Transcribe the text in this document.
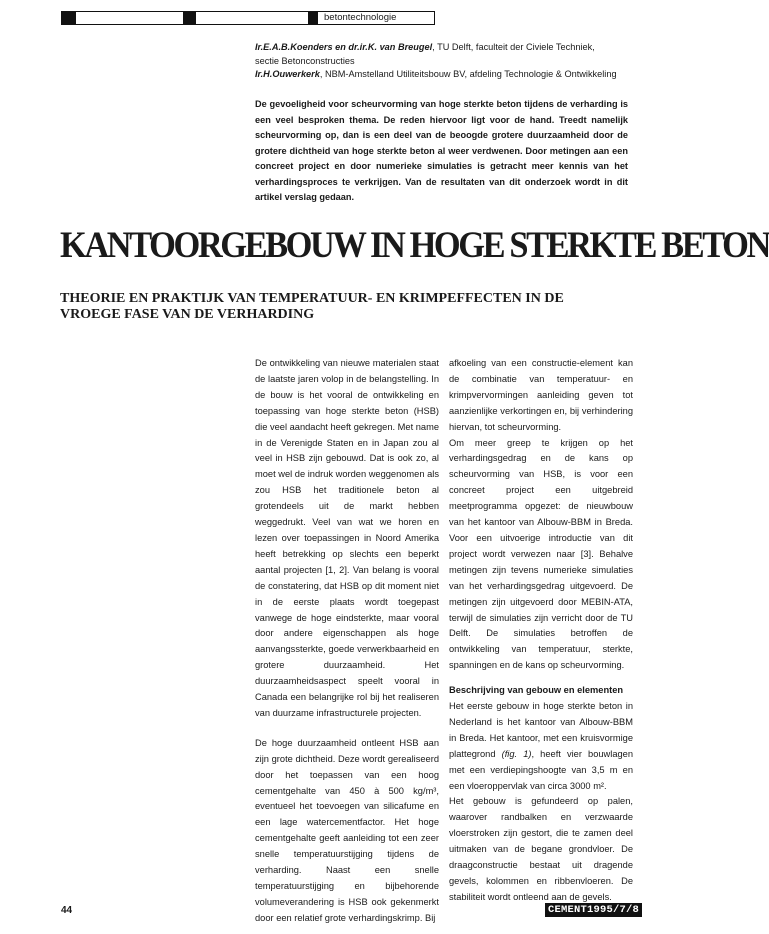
betontechnologie
Ir.E.A.B.Koenders en dr.ir.K. van Breugel, TU Delft, faculteit der Civiele Techniek,
sectie Betonconstructies
Ir.H.Ouwerkerk, NBM-Amstelland Utiliteitsbouw BV, afdeling Technologie & Ontwikkeling
De gevoeligheid voor scheurvorming van hoge sterkte beton tijdens de verharding is een veel besproken thema. De reden hiervoor ligt voor de hand. Treedt namelijk scheurvorming op, dan is een deel van de beoogde grotere duurzaamheid door de grotere dichtheid van hoge sterkte beton al weer verdwenen. Door metingen aan een concreet project en door numerieke simulaties is getracht meer kennis van het verhardingsproces te verkrijgen. Van de resultaten van dit onderzoek wordt in dit artikel verslag gedaan.
KANTOORGEBOUW IN HOGE STERKTE BETON
THEORIE EN PRAKTIJK VAN TEMPERATUUR- EN KRIMPEFFECTEN IN DE VROEGE FASE VAN DE VERHARDING

De ontwikkeling van nieuwe materialen staat de laatste jaren volop in de belangstelling. In de bouw is het vooral de ontwikkeling en toepassing van hoge sterkte beton (HSB) die veel aandacht heeft gekregen. Met name in de Verenigde Staten en in Japan zou al veel in HSB zijn gebouwd. Dat is ook zo, al moet wel de indruk worden weggenomen als zou HSB het traditionele beton al grotendeels uit de markt hebben weggedrukt. Veel van wat we horen en lezen over toepassingen in Noord Amerika heeft betrekking op slechts een beperkt aantal projecten [1, 2]. Van belang is vooral de constatering, dat HSB op dit moment niet in de eerste plaats wordt toegepast vanwege de hoge eindsterkte, maar vooral door andere eigenschappen als hoge aanvangssterkte, goede verwerkbaarheid en grotere duurzaamheid. Het duurzaamheidsaspect speelt vooral in Canada een belangrijke rol bij het realiseren van duurzame infrastructurele projecten.

De hoge duurzaamheid ontleent HSB aan zijn grote dichtheid. Deze wordt gerealiseerd door het toepassen van een hoog cementgehalte van 450 à 500 kg/m³, eventueel het toevoegen van silicafume en een lage watercementfactor. Het hoge cementgehalte geeft aanleiding tot een zeer snelle temperatuurstijging tijdens de verharding. Naast een snelle temperatuurstijging en bijbehorende volumeverandering is HSB ook gekenmerkt door een relatief grote verhardingskrimp. Bij

afkoeling van een constructie-element kan de combinatie van temperatuur- en krimpvervormingen aanleiding geven tot aanzienlijke verkortingen en, bij verhindering hiervan, tot scheurvorming.

Om meer greep te krijgen op het verhardingsgedrag en de kans op scheurvorming van HSB, is voor een concreet project een uitgebreid meetprogramma opgezet: de nieuwbouw van het kantoor van Albouw-BBM in Breda. Voor een uitvoerige introductie van dit project wordt verwezen naar [3]. Behalve metingen zijn tevens numerieke simulaties van het verhardingsgedrag uitgevoerd. De metingen zijn uitgevoerd door MEBIN-ATA, terwijl de simulaties zijn verricht door de TU Delft. De simulaties betroffen de ontwikkeling van temperatuur, sterkte, spanningen en de kans op scheurvorming.

Beschrijving van gebouw en elementen

Het eerste gebouw in hoge sterkte beton in Nederland is het kantoor van Albouw-BBM in Breda. Het kantoor, met een kruisvormige plattegrond (fig. 1), heeft vier bouwlagen met een verdiepingshoogte van 3,5 m en een vloeroppervlak van circa 3000 m².

Het gebouw is gefundeerd op palen, waarover randbalken en verzwaarde vloerstroken zijn gestort, die te zamen deel uitmaken van de begane grondvloer. De draagconstructie bestaat uit dragende gevels, kolommen en ribbenvloeren. De stabiliteit wordt ontleend aan de gevels.

44	CEMENT1995/7/8
